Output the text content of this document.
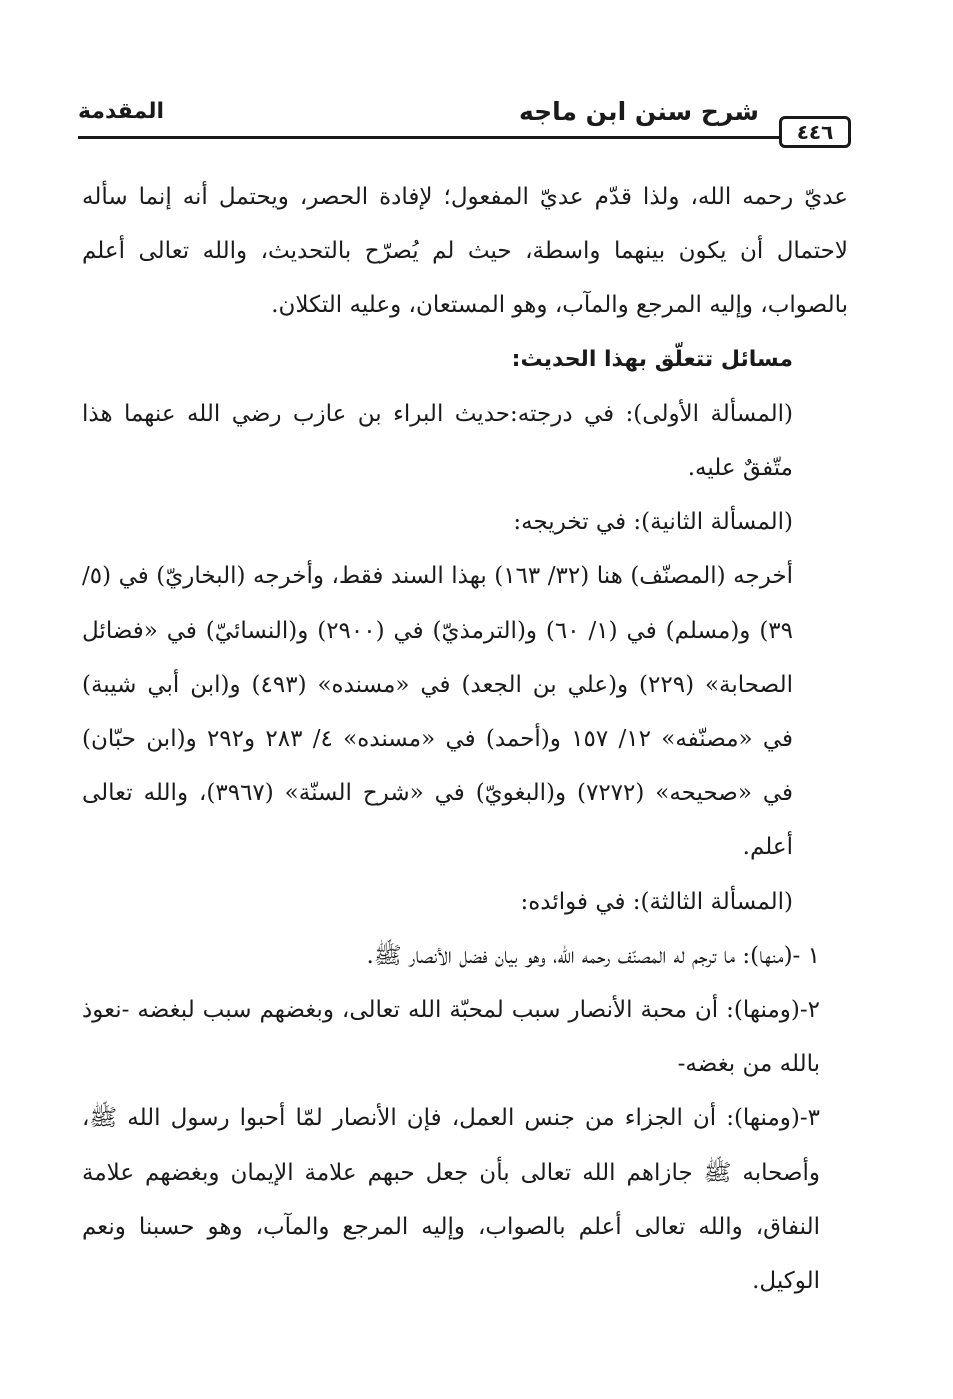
٤٤٦
شرح سنن ابن ماجه
المقدمة

عديّ رحمه الله، ولذا قدّم عديّ المفعول؛ لإفادة الحصر، ويحتمل أنه إنما سأله لاحتمال أن يكون بينهما واسطة، حيث لم يُصرّح بالتحديث، والله تعالى أعلم بالصواب، وإليه المرجع والمآب، وهو المستعان، وعليه التكلان.

مسائل تتعلّق بهذا الحديث:

(المسألة الأولى): في درجته:حديث البراء بن عازب رضي الله عنهما هذا متّفقٌ عليه.

(المسألة الثانية): في تخريجه:

أخرجه (المصنّف) هنا (٣٢/ ١٦٣) بهذا السند فقط، وأخرجه (البخاريّ) في (٥/ ٣٩) و(مسلم) في (١/ ٦٠) و(الترمذيّ) في (٢٩٠٠) و(النسائيّ) في «فضائل الصحابة» (٢٢٩) و(علي بن الجعد) في «مسنده» (٤٩٣) و(ابن أبي شيبة) في «مصنّفه» ١٢/ ١٥٧ و(أحمد) في «مسنده» ٤/ ٢٨٣ و٢٩٢ و(ابن حبّان) في «صحيحه» (٧٢٧٢) و(البغويّ) في «شرح السنّة» (٣٩٦٧)، والله تعالى أعلم.

(المسألة الثالثة): في فوائده:

١ -(منها): ما ترجم له المصنّف رحمه الله، وهو بيان فضل الأنصار ﷺ.

٢-(ومنها): أن محبة الأنصار سبب لمحبّة الله تعالى، وبغضهم سبب لبغضه -نعوذ بالله من بغضه-

٣-(ومنها): أن الجزاء من جنس العمل، فإن الأنصار لمّا أحبوا رسول الله ﷺ، وأصحابه ﷺ جازاهم الله تعالى بأن جعل حبهم علامة الإيمان وبغضهم علامة النفاق، والله تعالى أعلم بالصواب، وإليه المرجع والمآب، وهو حسبنا ونعم الوكيل.
